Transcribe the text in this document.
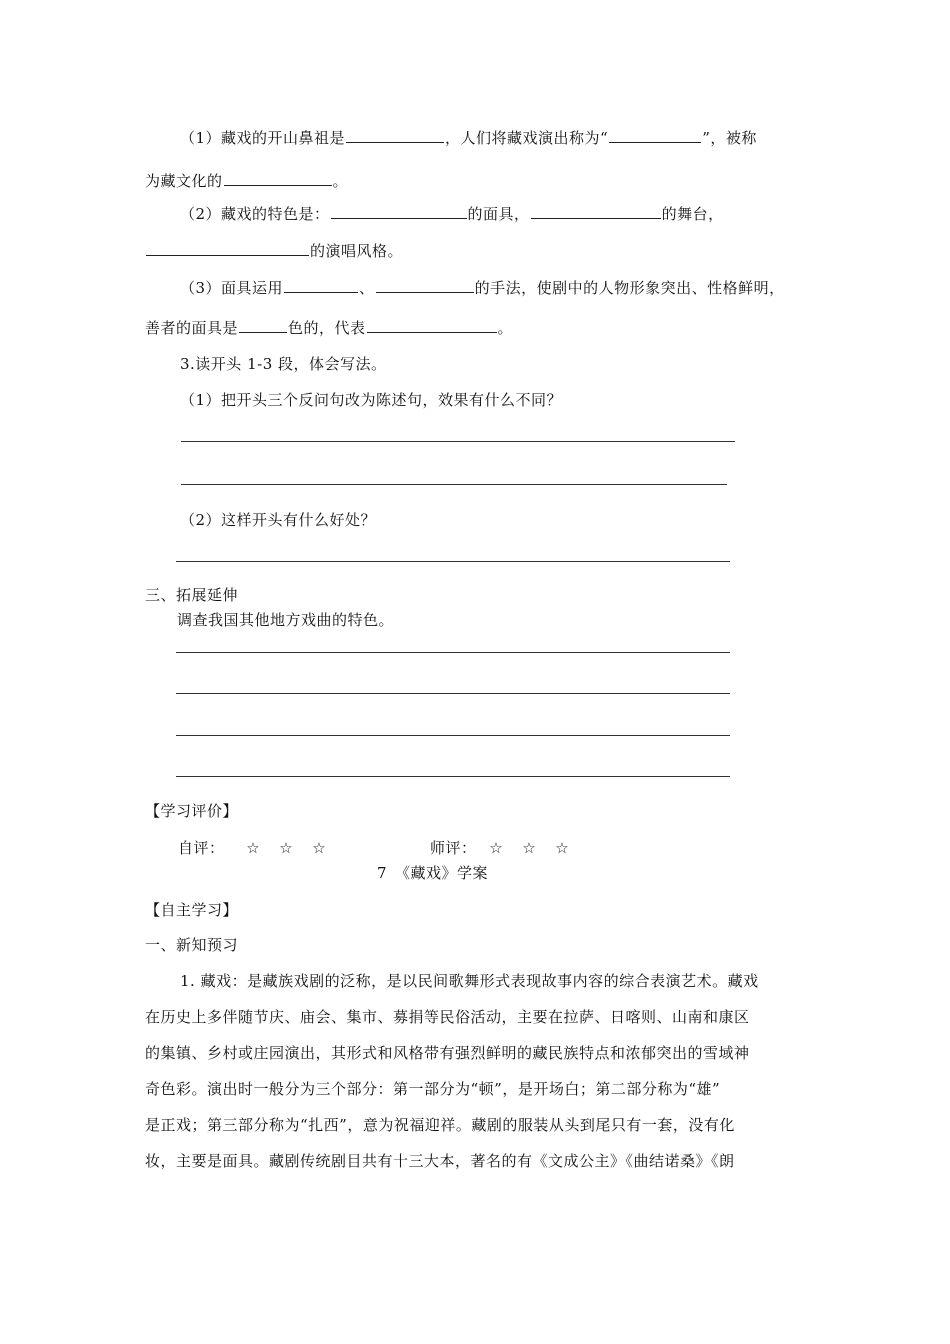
（1）藏戏的开山鼻祖是	，人们将藏戏演出称为“	”，被称
为藏文化的	。
（2）藏戏的特色是：	的面具，	的舞台，
的演唱风格。
（3）面具运用	、	的手法，使剧中的人物形象突出、性格鲜明，
善者的面具是	色的，代表	。
3.读开头 1-3 段，体会写法。
（1）把开头三个反问句改为陈述句，效果有什么不同？
（2）这样开头有什么好处？
三、拓展延伸
调查我国其他地方戏曲的特色。
【学习评价】
自评： ☆ ☆ ☆	师评： ☆ ☆ ☆
7　《藏戏》学案
【自主学习】
一、新知预习
1. 藏戏：是藏族戏剧的泛称，是以民间歌舞形式表现故事内容的综合表演艺术。藏戏
在历史上多伴随节庆、庙会、集市、募捐等民俗活动，主要在拉萨、日喀则、山南和康区
的集镇、乡村或庄园演出，其形式和风格带有强烈鲜明的藏民族特点和浓郁突出的雪域神
奇色彩。演出时一般分为三个部分：第一部分为“顿”，是开场白；第二部分称为“雄”
是正戏；第三部分称为“扎西”，意为祝福迎祥。藏剧的服装从头到尾只有一套，没有化
妆，主要是面具。藏剧传统剧目共有十三大本，著名的有《文成公主》《曲结诺桑》《朗
